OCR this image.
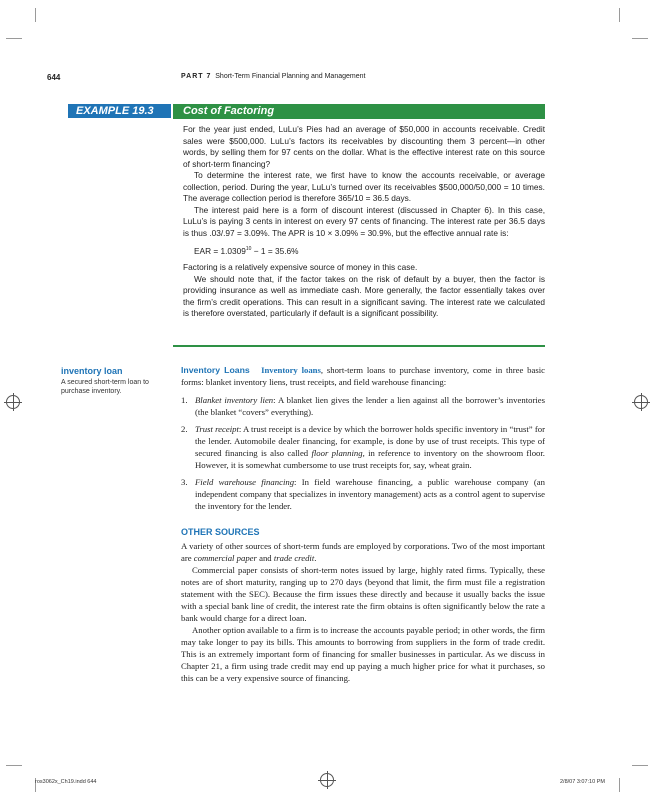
644	PART 7 Short-Term Financial Planning and Management
EXAMPLE 19.3	Cost of Factoring

For the year just ended, LuLu’s Pies had an average of $50,000 in accounts receivable. Credit sales were $500,000. LuLu’s factors its receivables by discounting them 3 percent—in other words, by selling them for 97 cents on the dollar. What is the effective interest rate on this source of short-term financing?

To determine the interest rate, we first have to know the accounts receivable, or average collection, period. During the year, LuLu’s turned over its receivables $500,000/50,000 = 10 times. The average collection period is therefore 365/10 = 36.5 days.

The interest paid here is a form of discount interest (discussed in Chapter 6). In this case, LuLu’s is paying 3 cents in interest on every 97 cents of financing. The interest rate per 36.5 days is thus .03/.97 = 3.09%. The APR is 10 × 3.09% = 30.9%, but the effective annual rate is:

EAR = $1.0309^{10} - 1 = 35.6\%$

Factoring is a relatively expensive source of money in this case.

We should note that, if the factor takes on the risk of default by a buyer, then the factor is providing insurance as well as immediate cash. More generally, the factor essentially takes over the firm’s credit operations. This can result in a significant saving. The interest rate we calculated is therefore overstated, particularly if default is a significant possibility.

inventory loan
A secured short-term loan to purchase inventory.

Inventory Loans Inventory loans, short-term loans to purchase inventory, come in three basic forms: blanket inventory liens, trust receipts, and field warehouse financing:

1. Blanket inventory lien: A blanket lien gives the lender a lien against all the borrower’s inventories (the blanket “covers” everything).
2. Trust receipt: A trust receipt is a device by which the borrower holds specific inventory in “trust” for the lender. Automobile dealer financing, for example, is done by use of trust receipts. This type of secured financing is also called floor planning, in reference to inventory on the showroom floor. However, it is somewhat cumbersome to use trust receipts for, say, wheat grain.
3. Field warehouse financing: In field warehouse financing, a public warehouse company (an independent company that specializes in inventory management) acts as a control agent to supervise the inventory for the lender.
OTHER SOURCES

A variety of other sources of short-term funds are employed by corporations. Two of the most important are commercial paper and trade credit.

Commercial paper consists of short-term notes issued by large, highly rated firms. Typically, these notes are of short maturity, ranging up to 270 days (beyond that limit, the firm must file a registration statement with the SEC). Because the firm issues these directly and because it usually backs the issue with a special bank line of credit, the interest rate the firm obtains is often significantly below the rate a bank would charge for a direct loan.

Another option available to a firm is to increase the accounts payable period; in other words, the firm may take longer to pay its bills. This amounts to borrowing from suppliers in the form of trade credit. This is an extremely important form of financing for smaller businesses in particular. As we discuss in Chapter 21, a firm using trade credit may end up paying a much higher price for what it purchases, so this can be a very expensive source of financing.

ros3062x_Ch19.indd 644	2/8/07 3:07:10 PM
